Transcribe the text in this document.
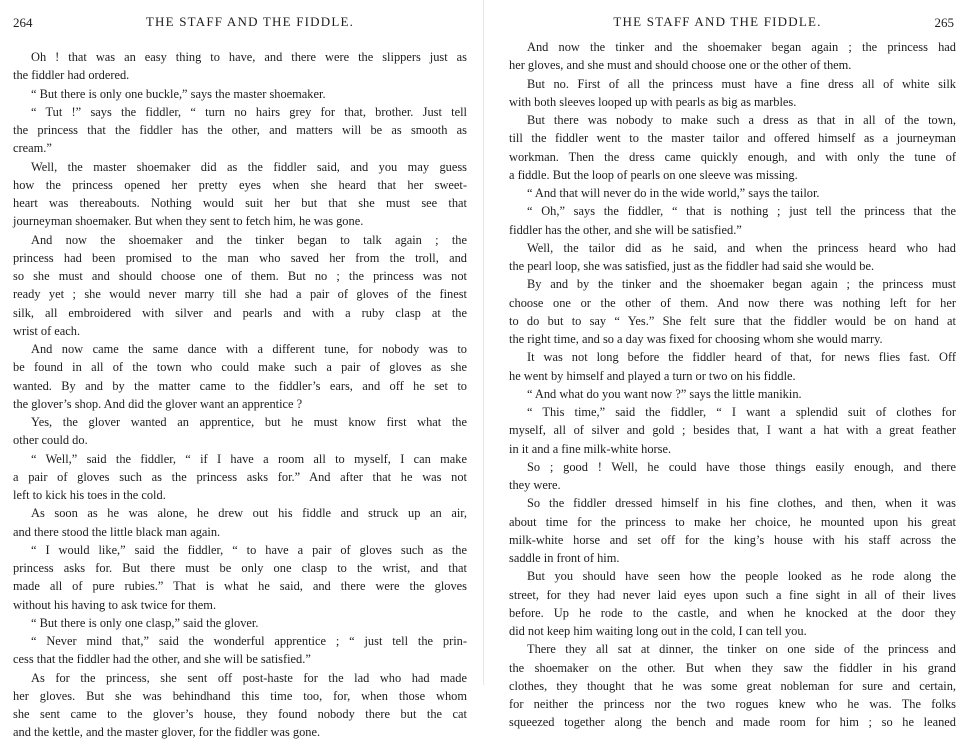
264	THE STAFF AND THE FIDDLE.
Oh ! that was an easy thing to have, and there were the slippers just as
the fiddler had ordered.
“ But there is only one buckle,” says the master shoemaker.
“ Tut !” says the fiddler, “ turn no hairs grey for that, brother. Just tell
the princess that the fiddler has the other, and matters will be as smooth as
cream.”
Well, the master shoemaker did as the fiddler said, and you may guess
how the princess opened her pretty eyes when she heard that her sweet-
heart was thereabouts. Nothing would suit her but that she must see that
journeyman shoemaker. But when they sent to fetch him, he was gone.
And now the shoemaker and the tinker began to talk again ; the
princess had been promised to the man who saved her from the troll, and
so she must and should choose one of them. But no ; the princess was not
ready yet ; she would never marry till she had a pair of gloves of the finest
silk, all embroidered with silver and pearls and with a ruby clasp at the
wrist of each.
And now came the same dance with a different tune, for nobody was to
be found in all of the town who could make such a pair of gloves as she
wanted. By and by the matter came to the fiddler’s ears, and off he set to
the glover’s shop. And did the glover want an apprentice ?
Yes, the glover wanted an apprentice, but he must know first what the
other could do.
“ Well,” said the fiddler, “ if I have a room all to myself, I can make
a pair of gloves such as the princess asks for.” And after that he was not
left to kick his toes in the cold.
As soon as he was alone, he drew out his fiddle and struck up an air,
and there stood the little black man again.
“ I would like,” said the fiddler, “ to have a pair of gloves such as the
princess asks for. But there must be only one clasp to the wrist, and that
made all of pure rubies.” That is what he said, and there were the gloves
without his having to ask twice for them.
“ But there is only one clasp,” said the glover.
“ Never mind that,” said the wonderful apprentice ; “ just tell the prin-
cess that the fiddler had the other, and she will be satisfied.”
As for the princess, she sent off post-haste for the lad who had made
her gloves. But she was behindhand this time too, for, when those whom
she sent came to the glover’s house, they found nobody there but the cat
and the kettle, and the master glover, for the fiddler was gone.
THE STAFF AND THE FIDDLE.	265
And now the tinker and the shoemaker began again ; the princess had
her gloves, and she must and should choose one or the other of them.
But no. First of all the princess must have a fine dress all of white silk
with both sleeves looped up with pearls as big as marbles.
But there was nobody to make such a dress as that in all of the town,
till the fiddler went to the master tailor and offered himself as a journeyman
workman. Then the dress came quickly enough, and with only the tune of
a fiddle. But the loop of pearls on one sleeve was missing.
“ And that will never do in the wide world,” says the tailor.
“ Oh,” says the fiddler, “ that is nothing ; just tell the princess that the
fiddler has the other, and she will be satisfied.”
Well, the tailor did as he said, and when the princess heard who had
the pearl loop, she was satisfied, just as the fiddler had said she would be.
By and by the tinker and the shoemaker began again ; the princess must
choose one or the other of them. And now there was nothing left for her
to do but to say “ Yes.” She felt sure that the fiddler would be on hand at
the right time, and so a day was fixed for choosing whom she would marry.
It was not long before the fiddler heard of that, for news flies fast. Off
he went by himself and played a turn or two on his fiddle.
“ And what do you want now ?” says the little manikin.
“ This time,” said the fiddler, “ I want a splendid suit of clothes for
myself, all of silver and gold ; besides that, I want a hat with a great feather
in it and a fine milk-white horse.
So ; good ! Well, he could have those things easily enough, and there
they were.
So the fiddler dressed himself in his fine clothes, and then, when it was
about time for the princess to make her choice, he mounted upon his great
milk-white horse and set off for the king’s house with his staff across the
saddle in front of him.
But you should have seen how the people looked as he rode along the
street, for they had never laid eyes upon such a fine sight in all of their lives
before. Up he rode to the castle, and when he knocked at the door they
did not keep him waiting long out in the cold, I can tell you.
There they all sat at dinner, the tinker on one side of the princess and
the shoemaker on the other. But when they saw the fiddler in his grand
clothes, they thought that he was some great nobleman for sure and certain,
for neither the princess nor the two rogues knew who he was. The folks
squeezed together along the bench and made room for him ; so he leaned
